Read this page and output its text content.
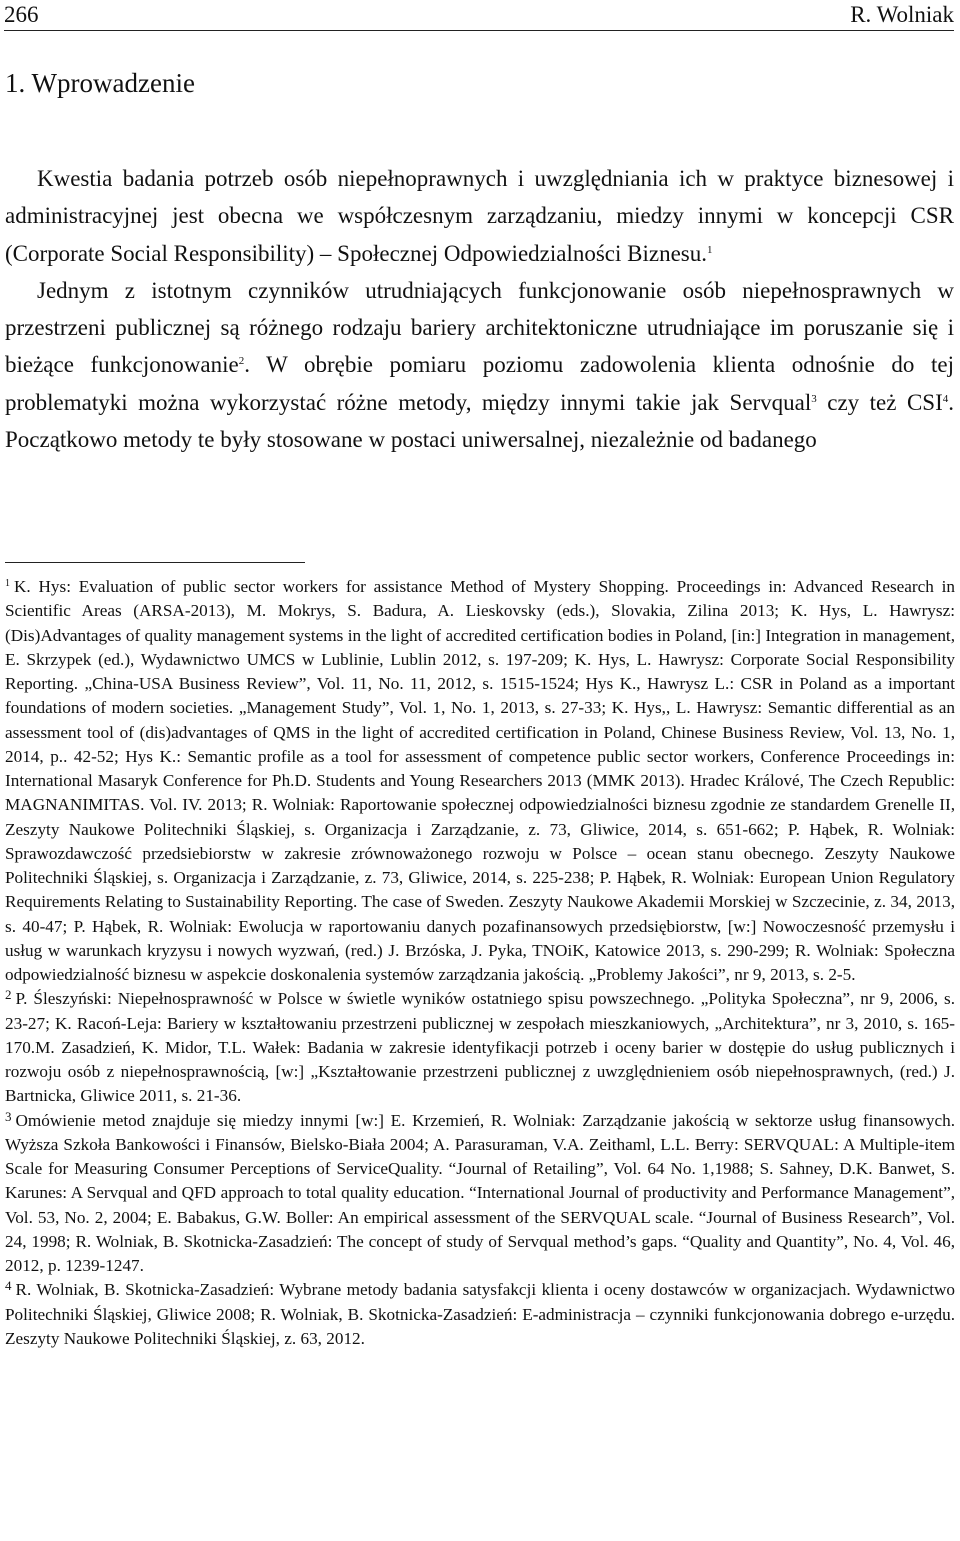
266	R. Wolniak
1. Wprowadzenie

Kwestia badania potrzeb osób niepełnoprawnych i uwzględniania ich w praktyce biznesowej i administracyjnej jest obecna we współczesnym zarządzaniu, miedzy innymi w koncepcji CSR (Corporate Social Responsibility) – Społecznej Odpowiedzialności Biznesu.$^1$

Jednym z istotnym czynników utrudniających funkcjonowanie osób niepełnosprawnych w przestrzeni publicznej są różnego rodzaju bariery architektoniczne utrudniające im poruszanie się i bieżące funkcjonowanie$^2$. W obrębie pomiaru poziomu zadowolenia klienta odnośnie do tej problematyki można wykorzystać różne metody, między innymi takie jak Servqual$^3$ czy też CSI$^4$. Początkowo metody te były stosowane w postaci uniwersalnej, niezależnie od badanego

$^1$ K. Hys: Evaluation of public sector workers for assistance Method of Mystery Shopping. Proceedings in: Advanced Research in Scientific Areas (ARSA-2013), M. Mokrys, S. Badura, A. Lieskovsky (eds.), Slovakia, Zilina 2013; K. Hys, L. Hawrysz: (Dis)Advantages of quality management systems in the light of accredited certification bodies in Poland, [in:] Integration in management, E. Skrzypek (ed.), Wydawnictwo UMCS w Lublinie, Lublin 2012, s. 197-209; K. Hys, L. Hawrysz: Corporate Social Responsibility Reporting. „China-USA Business Review”, Vol. 11, No. 11, 2012, s. 1515-1524; Hys K., Hawrysz L.: CSR in Poland as a important foundations of modern societies. „Management Study”, Vol. 1, No. 1, 2013, s. 27-33; K. Hys,, L. Hawrysz: Semantic differential as an assessment tool of (dis)advantages of QMS in the light of accredited certification in Poland, Chinese Business Review, Vol. 13, No. 1, 2014, p.. 42-52; Hys K.: Semantic profile as a tool for assessment of competence public sector workers, Conference Proceedings in: International Masaryk Conference for Ph.D. Students and Young Researchers 2013 (MMK 2013). Hradec Králové, The Czech Republic: MAGNANIMITAS. Vol. IV. 2013; R. Wolniak: Raportowanie społecznej odpowiedzialności biznesu zgodnie ze standardem Grenelle II, Zeszyty Naukowe Politechniki Śląskiej, s. Organizacja i Zarządzanie, z. 73, Gliwice, 2014, s. 651-662; P. Hąbek, R. Wolniak: Sprawozdawczość przedsiebiorstw w zakresie zrównoważonego rozwoju w Polsce – ocean stanu obecnego. Zeszyty Naukowe Politechniki Śląskiej, s. Organizacja i Zarządzanie, z. 73, Gliwice, 2014, s. 225-238; P. Hąbek, R. Wolniak: European Union Regulatory Requirements Relating to Sustainability Reporting. The case of Sweden. Zeszyty Naukowe Akademii Morskiej w Szczecinie, z. 34, 2013, s. 40-47; P. Hąbek, R. Wolniak: Ewolucja w raportowaniu danych pozafinansowych przedsiębiorstw, [w:] Nowoczesność przemysłu i usług w warunkach kryzysu i nowych wyzwań, (red.) J. Brzóska, J. Pyka, TNOiK, Katowice 2013, s. 290-299; R. Wolniak: Społeczna odpowiedzialność biznesu w aspekcie doskonalenia systemów zarządzania jakością. „Problemy Jakości”, nr 9, 2013, s. 2-5.

$^2$ P. Śleszyński: Niepełnosprawność w Polsce w świetle wyników ostatniego spisu powszechnego. „Polityka Społeczna”, nr 9, 2006, s. 23-27; K. Racoń-Leja: Bariery w kształtowaniu przestrzeni publicznej w zespołach mieszkaniowych, „Architektura”, nr 3, 2010, s. 165-170.M. Zasadzień, K. Midor, T.L. Wałek: Badania w zakresie identyfikacji potrzeb i oceny barier w dostępie do usług publicznych i rozwoju osób z niepełnosprawnością, [w:] „Kształtowanie przestrzeni publicznej z uwzględnieniem osób niepełnosprawnych, (red.) J. Bartnicka, Gliwice 2011, s. 21-36.

$^3$ Omówienie metod znajduje się miedzy innymi [w:] E. Krzemień, R. Wolniak: Zarządzanie jakością w sektorze usług finansowych. Wyższa Szkoła Bankowości i Finansów, Bielsko-Biała 2004; A. Parasuraman, V.A. Zeithaml, L.L. Berry: SERVQUAL: A Multiple-item Scale for Measuring Consumer Perceptions of ServiceQuality. “Journal of Retailing”, Vol. 64 No. 1,1988; S. Sahney, D.K. Banwet, S. Karunes: A Servqual and QFD approach to total quality education. “International Journal of productivity and Performance Management”, Vol. 53, No. 2, 2004; E. Babakus, G.W. Boller: An empirical assessment of the SERVQUAL scale. “Journal of Business Research”, Vol. 24, 1998; R. Wolniak, B. Skotnicka-Zasadzień: The concept of study of Servqual method’s gaps. “Quality and Quantity”, No. 4, Vol. 46, 2012, p. 1239-1247.

$^4$ R. Wolniak, B. Skotnicka-Zasadzień: Wybrane metody badania satysfakcji klienta i oceny dostawców w organizacjach. Wydawnictwo Politechniki Śląskiej, Gliwice 2008; R. Wolniak, B. Skotnicka-Zasadzień: E-administracja – czynniki funkcjonowania dobrego e-urzędu. Zeszyty Naukowe Politechniki Śląskiej, z. 63, 2012.
